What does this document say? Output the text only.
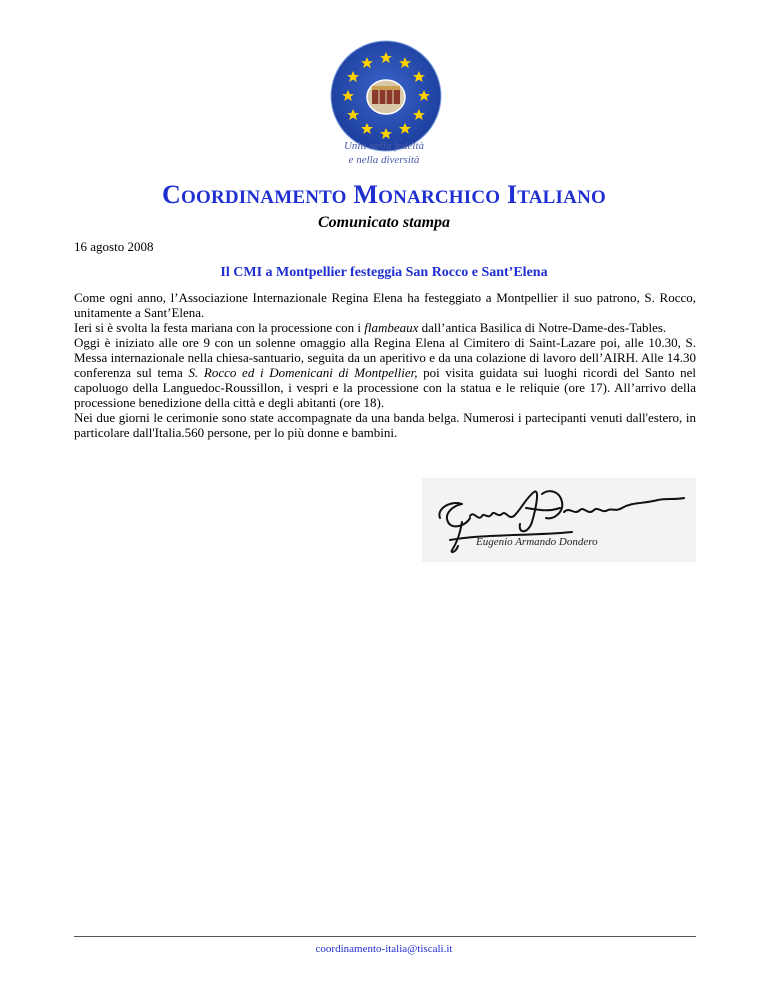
Uniti nella fedeltà
e nella diversità
COORDINAMENTO MONARCHICO ITALIANO
Comunicato stampa
16 agosto 2008
Il CMI a Montpellier festeggia San Rocco e Sant’Elena

Come ogni anno, l’Associazione Internazionale Regina Elena ha festeggiato a Montpellier il suo patrono, S. Rocco, unitamente a Sant’Elena.

Ieri si è svolta la festa mariana con la processione con i flambeaux dall’antica Basilica di Notre-Dame-des-Tables.

Oggi è iniziato alle ore 9 con un solenne omaggio alla Regina Elena al Cimitero di Saint-Lazare poi, alle 10.30, S. Messa internazionale nella chiesa-santuario, seguita da un aperitivo e da una colazione di lavoro dell’AIRH. Alle 14.30 conferenza sul tema S. Rocco ed i Domenicani di Montpellier, poi visita guidata sui luoghi ricordi del Santo nel capoluogo della Languedoc-Roussillon, i vespri e la processione con la statua e le reliquie (ore 17). All’arrivo della processione benedizione della città e degli abitanti (ore 18).

Nei due giorni le cerimonie sono state accompagnate da una banda belga. Numerosi i partecipanti venuti dall'estero, in particolare dall'Italia.560 persone, per lo più donne e bambini.

Eugenio Armando Dondero
coordinamento-italia@tiscali.it
